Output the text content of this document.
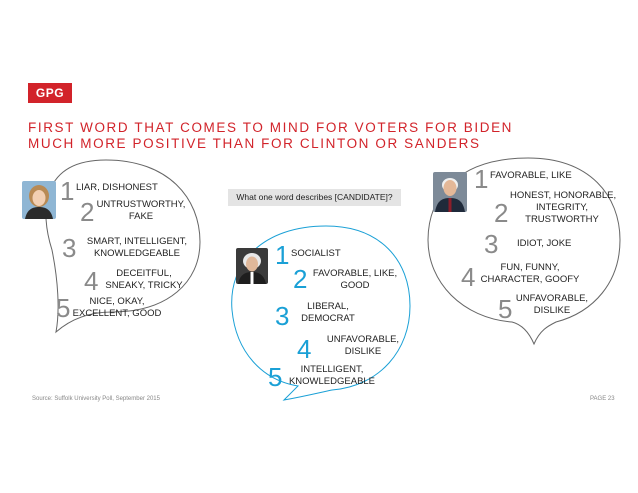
GPG
FIRST WORD THAT COMES TO MIND FOR VOTERS FOR BIDEN
MUCH MORE POSITIVE THAN FOR CLINTON OR SANDERS
What one word describes [CANDIDATE]?
1 LIAR, DISHONEST
2 UNTRUSTWORTHY,
FAKE
3	SMART, INTELLIGENT,
KNOWLEDGEABLE
4	DECEITFUL,
SNEAKY, TRICKY
5	NICE, OKAY,
EXCELLENT, GOOD
1 SOCIALIST
2 FAVORABLE, LIKE,
GOOD
3	LIBERAL,
DEMOCRAT
4	UNFAVORABLE,
DISLIKE
5	INTELLIGENT,
KNOWLEDGEABLE
1 FAVORABLE, LIKE
2
HONEST, HONORABLE,
INTEGRITY,
TRUSTWORTHY
3 IDIOT, JOKE
4	FUN, FUNNY,
CHARACTER, GOOFY
5 UNFAVORABLE,
DISLIKE
Source: Suffolk University Poll, September 2015	PAGE 23
